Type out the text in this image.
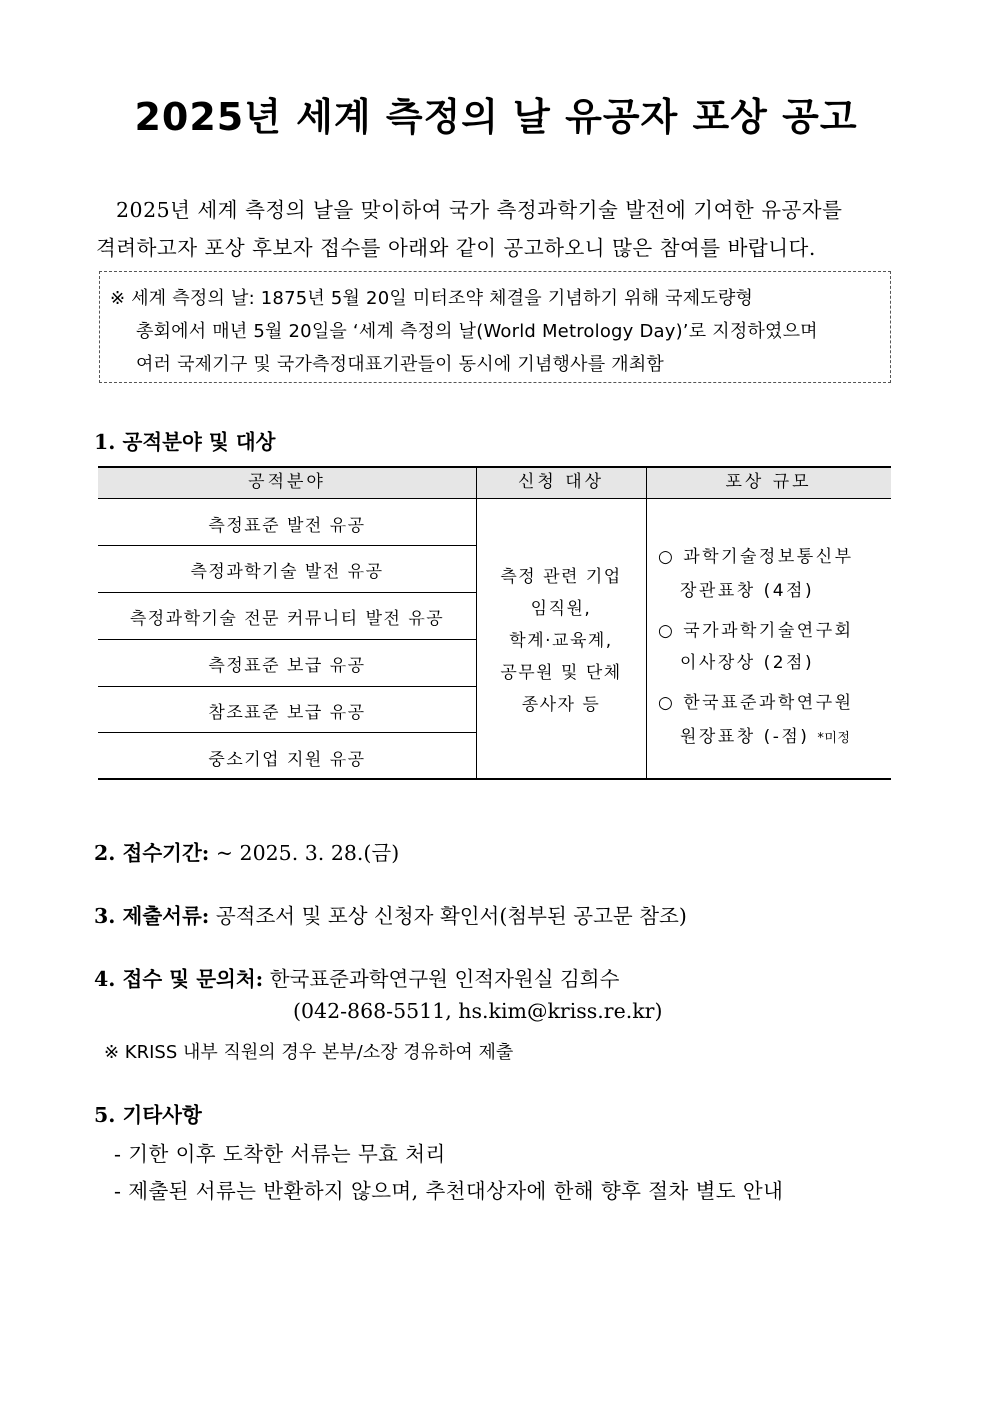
2025년 세계 측정의 날 유공자 포상 공고
2025년 세계 측정의 날을 맞이하여 국가 측정과학기술 발전에 기여한 유공자를
격려하고자 포상 후보자 접수를 아래와 같이 공고하오니 많은 참여를 바랍니다.
※ 세계 측정의 날: 1875년 5월 20일 미터조약 체결을 기념하기 위해 국제도량형
총회에서 매년 5월 20일을 ‘세계 측정의 날(World Metrology Day)’로 지정하였으며
여러 국제기구 및 국가측정대표기관들이 동시에 기념행사를 개최함
1. 공적분야 및 대상
공적분야	신청 대상	포상 규모
측정표준 발전 유공
측정과학기술 발전 유공
측정과학기술 전문 커뮤니티 발전 유공
측정표준 보급 유공
참조표준 보급 유공
중소기업 지원 유공
측정 관련 기업
임직원,
학계·교육계,
공무원 및 단체
종사자 등
○ 과학기술정보통신부
장관표창 (4점)
○ 국가과학기술연구회
이사장상 (2점)
○ 한국표준과학연구원
원장표창 (-점) *미정
2. 접수기간: ~ 2025. 3. 28.(금)
3. 제출서류: 공적조서 및 포상 신청자 확인서(첨부된 공고문 참조)
4. 접수 및 문의처: 한국표준과학연구원 인적자원실 김희수
(042-868-5511, hs.kim@kriss.re.kr)
※ KRISS 내부 직원의 경우 본부/소장 경유하여 제출
5. 기타사항
- 기한 이후 도착한 서류는 무효 처리
- 제출된 서류는 반환하지 않으며, 추천대상자에 한해 향후 절차 별도 안내
